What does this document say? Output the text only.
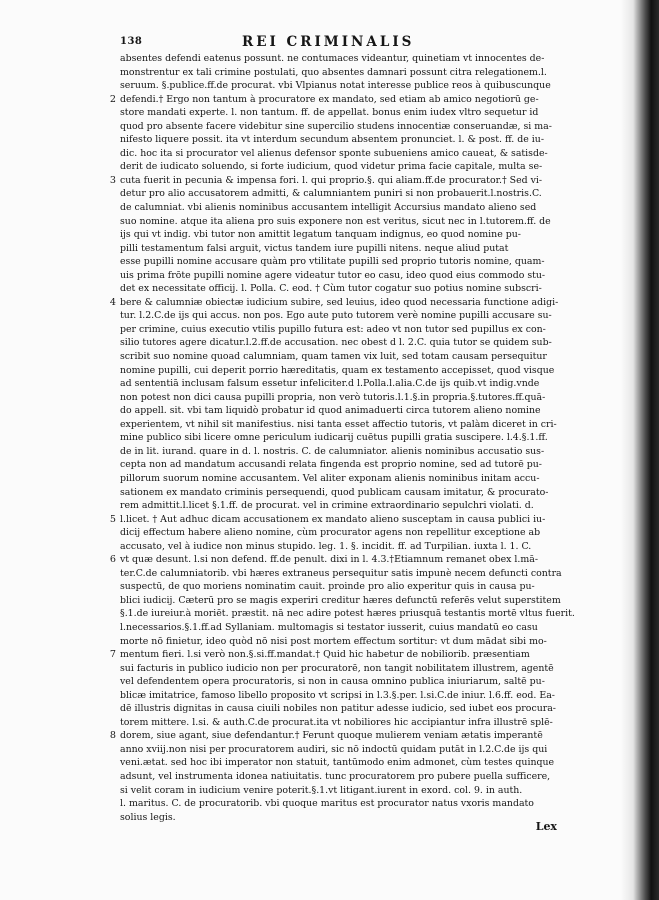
138	REI CRIMINALIS
absentes defendi eatenus possunt. ne contumaces videantur, quinetiam vt innocentes de-
monstrentur ex tali crimine postulati, quo absentes damnari possunt citra relegationem.l.
seruum. §.publice.ff.de procurat. vbi Vlpianus notat interesse publice reos à quibuscunque
2 defendi.† Ergo non tantum à procuratore ex mandato, sed etiam ab amico negotiorū ge-
store mandati experte. l. non tantum. ff. de appellat. bonus enim iudex vltro sequetur id
quod pro absente facere videbitur sine supercilio studens innocentiæ conseruandæ, si ma-
nifesto liquere possit. ita vt interdum secundum absentem pronunciet. l. & post. ff. de iu-
dic. hoc ita si procurator vel alienus defensor sponte subueniens amico caueat, & satisde-
derit de iudicato soluendo, si forte iudicium, quod videtur prima facie capitale, multa se-
3 cuta fuerit in pecunia & impensa fori. l. qui proprio.§. qui aliam.ff.de procurator.† Sed vi-
detur pro alio accusatorem admitti, & calumniantem puniri si non probauerit.l.nostris.C.
de calumniat. vbi alienis nominibus accusantem intelligit Accursius mandato alieno sed
suo nomine. atque ita aliena pro suis exponere non est veritus, sicut nec in l.tutorem.ff. de
ijs qui vt indig. vbi tutor non amittit legatum tanquam indignus, eo quod nomine pu-
pilli testamentum falsi arguit, victus tandem iure pupilli nitens. neque aliud putat
esse pupilli nomine accusare quàm pro vtilitate pupilli sed proprio tutoris nomine, quam-
uis prima frōte pupilli nomine agere videatur tutor eo casu, ideo quod eius commodo stu-
det ex necessitate officij. l. Polla. C. eod. † Cùm tutor cogatur suo potius nomine subscri-
4 bere & calumniæ obiectæ iudicium subire, sed leuius, ideo quod necessaria functione adigi-
tur. l.2.C.de ijs qui accus. non pos. Ego aute puto tutorem verè nomine pupilli accusare su-
per crimine, cuius executio vtilis pupillo futura est: adeo vt non tutor sed pupillus ex con-
silio tutores agere dicatur.l.2.ff.de accusation. nec obest d l. 2.C. quia tutor se quidem sub-
scribit suo nomine quoad calumniam, quam tamen vix luit, sed totam causam persequitur
nomine pupilli, cui deperit porrio hæreditatis, quam ex testamento accepisset, quod visque
ad sententiā inclusam falsum essetur infeliciter.d l.Polla.l.alia.C.de ijs quib.vt indig.vnde
non potest non dici causa pupilli propria, non verò tutoris.l.1.§.in propria.§.tutores.ff.quā-
do appell. sit. vbi tam liquidò probatur id quod animaduerti circa tutorem alieno nomine
experientem, vt nihil sit manifestius. nisi tanta esset affectio tutoris, vt palàm diceret in cri-
mine publico sibi licere omne periculum iudicarij cuētus pupilli gratia suscipere. l.4.§.1.ff.
de in lit. iurand. quare in d. l. nostris. C. de calumniator. alienis nominibus accusatio sus-
cepta non ad mandatum accusandi relata fingenda est proprio nomine, sed ad tutorē pu-
pillorum suorum nomine accusantem. Vel aliter exponam alienis nominibus initam accu-
sationem ex mandato criminis persequendi, quod publicam causam imitatur, & procurato-
rem admittit.l.licet §.1.ff. de procurat. vel in crimine extraordinario sepulchri violati. d.
5 l.licet. † Aut adhuc dicam accusationem ex mandato alieno susceptam in causa publici iu-
dicij effectum habere alieno nomine, cùm procurator agens non repellitur exceptione ab
accusato, vel à iudice non minus stupido. leg. 1. §. incidit. ff. ad Turpilian. iuxta l. 1. C.
6 vt quæ desunt. l.si non defend. ff.de penult. dixi in l. 4.3.†Etiamnum remanet obex l.mā-
ter.C.de calumniatorib. vbi hæres extraneus persequitur satis impunè necem defuncti contra
suspectū, de quo moriens nominatim cauit. proinde pro alio experitur quis in causa pu-
blici iudicij. Cæterū pro se magis experiri creditur hæres defunctū referēs velut superstitem
§.1.de iureiur.à moriēt. præstit. nā nec adire potest hæres priusquā testantis mortē vltus fuerit.
l.necessarios.§.1.ff.ad Syllaniam. multomagis si testator iusserit, cuius mandatū eo casu
morte nō finietur, ideo quòd nō nisi post mortem effectum sortitur: vt dum mādat sibi mo-
7 mentum fieri. l.si verò non.§.si.ff.mandat.† Quid hic habetur de nobiliorib. præsentiam
sui facturis in publico iudicio non per procuratorē, non tangit nobilitatem illustrem, agentē
vel defendentem opera procuratoris, si non in causa omnino publica iniuriarum, saltē pu-
blicæ imitatrice, famoso libello proposito vt scripsi in l.3.§.per. l.si.C.de iniur. l.6.ff. eod. Ea-
dē illustris dignitas in causa ciuili nobiles non patitur adesse iudicio, sed iubet eos procura-
torem mittere. l.si. & auth.C.de procurat.ita vt nobiliores hic accipiantur infra illustrē splē-
8 dorem, siue agant, siue defendantur.† Ferunt quoque mulierem veniam ætatis imperantē
anno xviij.non nisi per procuratorem audiri, sic nō indoctū quidam putāt in l.2.C.de ijs qui
veni.ætat. sed hoc ibi imperator non statuit, tantūmodo enim admonet, cùm testes quinque
adsunt, vel instrumenta idonea natiuitatis. tunc procuratorem pro pubere puella sufficere,
si velit coram in iudicium venire poterit.§.1.vt litigant.iurent in exord. col. 9. in auth.
l. maritus. C. de procuratorib. vbi quoque maritus est procurator natus vxoris mandato
solius legis.
Lex
